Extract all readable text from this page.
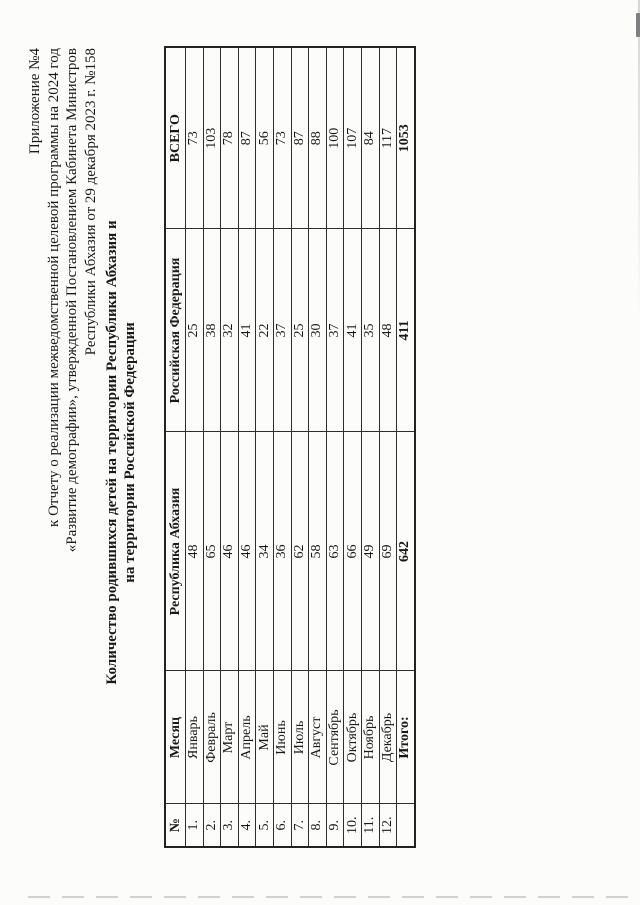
Приложение №4 к Отчету о реализации межведомственной целевой программы на 2024 год «Развитие демографии», утвержденной Постановлением Кабинета Министров Республики Абхазия от 29 декабря 2023 г. №158
Количество родившихся детей на территории Республики Абхазия и на территории Российской Федерации
№	Месяц	Республика Абхазия	Российская Федерация	ВСЕГО
1.	Январь	48	25	73
2.	Февраль	65	38	103
3.	Март	46	32	78
4.	Апрель	46	41	87
5.	Май	34	22	56
6.	Июнь	36	37	73
7.	Июль	62	25	87
8.	Август	58	30	88
9.	Сентябрь	63	37	100
10.	Октябрь	66	41	107
11.	Ноябрь	49	35	84
12.	Декабрь	69	48	117
	Итого:	642	411	1053
